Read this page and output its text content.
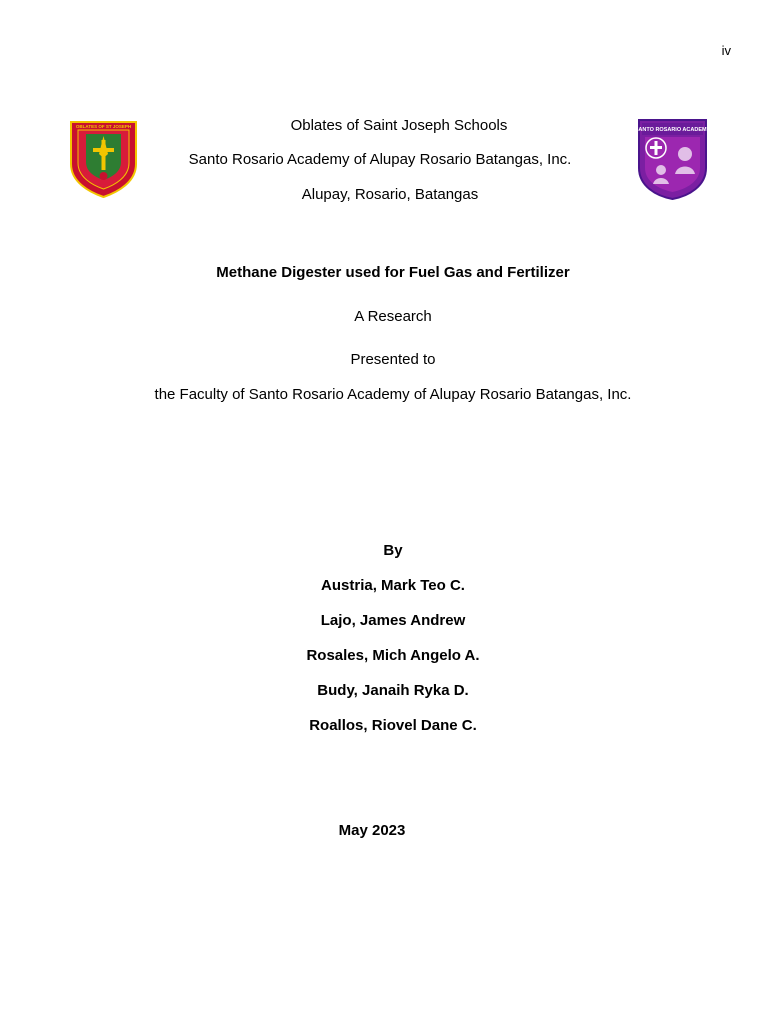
iv
OBLATES OF ST JOSEPH
SANTO ROSARIO ACADEMY
Oblates of Saint Joseph Schools
Santo Rosario Academy of Alupay Rosario Batangas, Inc.
Alupay, Rosario, Batangas
Methane Digester used for Fuel Gas and Fertilizer
A Research
Presented to
the Faculty of Santo Rosario Academy of Alupay Rosario Batangas, Inc.
By
Austria, Mark Teo C.
Lajo, James Andrew
Rosales, Mich Angelo A.
Budy, Janaih Ryka D.
Roallos, Riovel Dane C.
May 2023
